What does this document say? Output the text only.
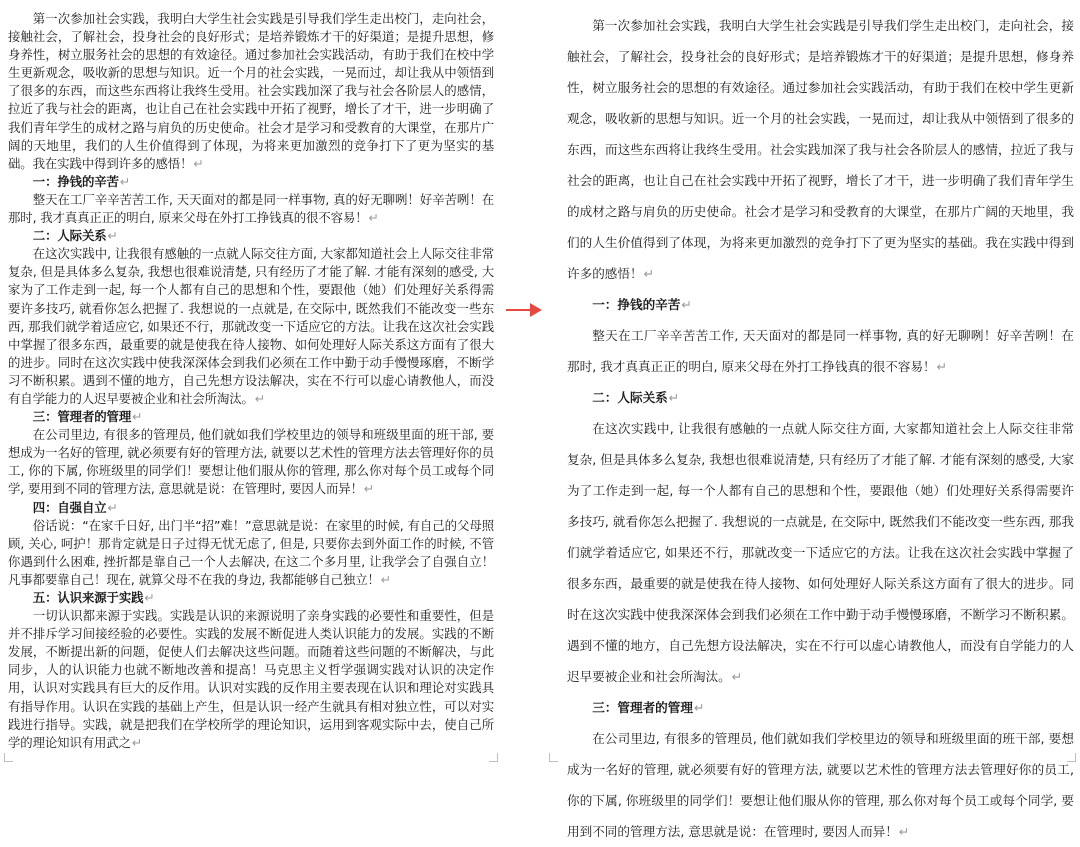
第一次参加社会实践，我明白大学生社会实践是引导我们学生走出校门，走向社会，接触社会，了解社会，投身社会的良好形式；是培养锻炼才干的好渠道；是提升思想，修身养性，树立服务社会的思想的有效途径。通过参加社会实践活动，有助于我们在校中学生更新观念，吸收新的思想与知识。近一个月的社会实践，一晃而过，却让我从中领悟到了很多的东西，而这些东西将让我终生受用。社会实践加深了我与社会各阶层人的感情，拉近了我与社会的距离，也让自己在社会实践中开拓了视野，增长了才干，进一步明确了我们青年学生的成材之路与肩负的历史使命。社会才是学习和受教育的大课堂，在那片广阔的天地里，我们的人生价值得到了体现，为将来更加激烈的竞争打下了更为坚实的基础。我在实践中得到许多的感悟！↵

一：挣钱的辛苦↵

整天在工厂辛辛苦苦工作, 天天面对的都是同一样事物, 真的好无聊咧！好辛苦咧！在那时, 我才真真正正的明白, 原来父母在外打工挣钱真的很不容易！↵

二：人际关系↵

在这次实践中, 让我很有感触的一点就人际交往方面, 大家都知道社会上人际交往非常复杂, 但是具体多么复杂, 我想也很难说清楚, 只有经历了才能了解. 才能有深刻的感受, 大家为了工作走到一起, 每一个人都有自己的思想和个性，要跟他（她）们处理好关系得需要许多技巧, 就看你怎么把握了. 我想说的一点就是, 在交际中, 既然我们不能改变一些东西, 那我们就学着适应它, 如果还不行，那就改变一下适应它的方法。让我在这次社会实践中掌握了很多东西，最重要的就是使我在待人接物、如何处理好人际关系这方面有了很大的进步。同时在这次实践中使我深深体会到我们必须在工作中勤于动手慢慢琢磨，不断学习不断积累。遇到不懂的地方，自己先想方设法解决，实在不行可以虚心请教他人，而没有自学能力的人迟早要被企业和社会所淘汰。↵

三：管理者的管理↵

在公司里边, 有很多的管理员, 他们就如我们学校里边的领导和班级里面的班干部, 要想成为一名好的管理, 就必须要有好的管理方法, 就要以艺术性的管理方法去管理好你的员工, 你的下属, 你班级里的同学们！要想让他们服从你的管理, 那么你对每个员工或每个同学, 要用到不同的管理方法, 意思就是说：在管理时, 要因人而异！↵

四：自强自立↵

俗话说：“在家千日好, 出门半“招”难！”意思就是说：在家里的时候, 有自己的父母照顾, 关心, 呵护！那肯定就是日子过得无忧无虑了, 但是, 只要你去到外面工作的时候, 不管你遇到什么困难, 挫折都是靠自己一个人去解决, 在这二个多月里, 让我学会了自强自立！凡事都要靠自己！现在, 就算父母不在我的身边, 我都能够自己独立！↵

五：认识来源于实践↵

一切认识都来源于实践。实践是认识的来源说明了亲身实践的必要性和重要性，但是并不排斥学习间接经验的必要性。实践的发展不断促进人类认识能力的发展。实践的不断发展，不断提出新的问题，促使人们去解决这些问题。而随着这些问题的不断解决，与此同步，人的认识能力也就不断地改善和提高！马克思主义哲学强调实践对认识的决定作用，认识对实践具有巨大的反作用。认识对实践的反作用主要表现在认识和理论对实践具有指导作用。认识在实践的基础上产生，但是认识一经产生就具有相对独立性，可以对实践进行指导。实践，就是把我们在学校所学的理论知识，运用到客观实际中去，使自己所学的理论知识有用武之↵

第一次参加社会实践，我明白大学生社会实践是引导我们学生走出校门，走向社会，接触社会，了解社会，投身社会的良好形式；是培养锻炼才干的好渠道；是提升思想，修身养性，树立服务社会的思想的有效途径。通过参加社会实践活动，有助于我们在校中学生更新观念，吸收新的思想与知识。近一个月的社会实践，一晃而过，却让我从中领悟到了很多的东西，而这些东西将让我终生受用。社会实践加深了我与社会各阶层人的感情，拉近了我与社会的距离，也让自己在社会实践中开拓了视野，增长了才干，进一步明确了我们青年学生的成材之路与肩负的历史使命。社会才是学习和受教育的大课堂，在那片广阔的天地里，我们的人生价值得到了体现，为将来更加激烈的竞争打下了更为坚实的基础。我在实践中得到许多的感悟！↵

一：挣钱的辛苦↵

整天在工厂辛辛苦苦工作, 天天面对的都是同一样事物, 真的好无聊咧！好辛苦咧！在那时, 我才真真正正的明白, 原来父母在外打工挣钱真的很不容易！↵

二：人际关系↵

在这次实践中, 让我很有感触的一点就人际交往方面, 大家都知道社会上人际交往非常复杂, 但是具体多么复杂, 我想也很难说清楚, 只有经历了才能了解. 才能有深刻的感受, 大家为了工作走到一起, 每一个人都有自己的思想和个性，要跟他（她）们处理好关系得需要许多技巧, 就看你怎么把握了. 我想说的一点就是, 在交际中, 既然我们不能改变一些东西, 那我们就学着适应它, 如果还不行，那就改变一下适应它的方法。让我在这次社会实践中掌握了很多东西，最重要的就是使我在待人接物、如何处理好人际关系这方面有了很大的进步。同时在这次实践中使我深深体会到我们必须在工作中勤于动手慢慢琢磨，不断学习不断积累。遇到不懂的地方，自己先想方设法解决，实在不行可以虚心请教他人，而没有自学能力的人迟早要被企业和社会所淘汰。↵

三：管理者的管理↵

在公司里边, 有很多的管理员, 他们就如我们学校里边的领导和班级里面的班干部, 要想成为一名好的管理, 就必须要有好的管理方法, 就要以艺术性的管理方法去管理好你的员工, 你的下属, 你班级里的同学们！要想让他们服从你的管理, 那么你对每个员工或每个同学, 要用到不同的管理方法, 意思就是说：在管理时, 要因人而异！↵
